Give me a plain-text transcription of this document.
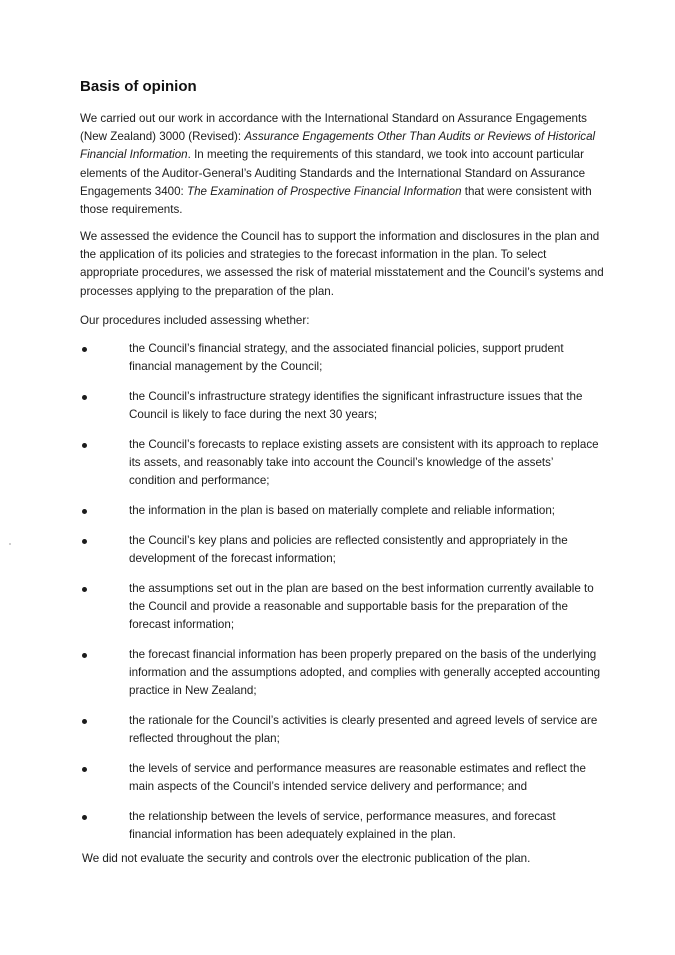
Basis of opinion

We carried out our work in accordance with the International Standard on Assurance Engagements (New Zealand) 3000 (Revised): Assurance Engagements Other Than Audits or Reviews of Historical Financial Information. In meeting the requirements of this standard, we took into account particular elements of the Auditor-General’s Auditing Standards and the International Standard on Assurance Engagements 3400: The Examination of Prospective Financial Information that were consistent with those requirements.

We assessed the evidence the Council has to support the information and disclosures in the plan and the application of its policies and strategies to the forecast information in the plan. To select appropriate procedures, we assessed the risk of material misstatement and the Council’s systems and processes applying to the preparation of the plan.

Our procedures included assessing whether:

the Council’s financial strategy, and the associated financial policies, support prudent financial management by the Council;
the Council’s infrastructure strategy identifies the significant infrastructure issues that the Council is likely to face during the next 30 years;
the Council’s forecasts to replace existing assets are consistent with its approach to replace its assets, and reasonably take into account the Council’s knowledge of the assets’ condition and performance;
the information in the plan is based on materially complete and reliable information;
the Council’s key plans and policies are reflected consistently and appropriately in the development of the forecast information;
the assumptions set out in the plan are based on the best information currently available to the Council and provide a reasonable and supportable basis for the preparation of the forecast information;
the forecast financial information has been properly prepared on the basis of the underlying information and the assumptions adopted, and complies with generally accepted accounting practice in New Zealand;
the rationale for the Council’s activities is clearly presented and agreed levels of service are reflected throughout the plan;
the levels of service and performance measures are reasonable estimates and reflect the main aspects of the Council’s intended service delivery and performance; and
the relationship between the levels of service, performance measures, and forecast financial information has been adequately explained in the plan.

We did not evaluate the security and controls over the electronic publication of the plan.
